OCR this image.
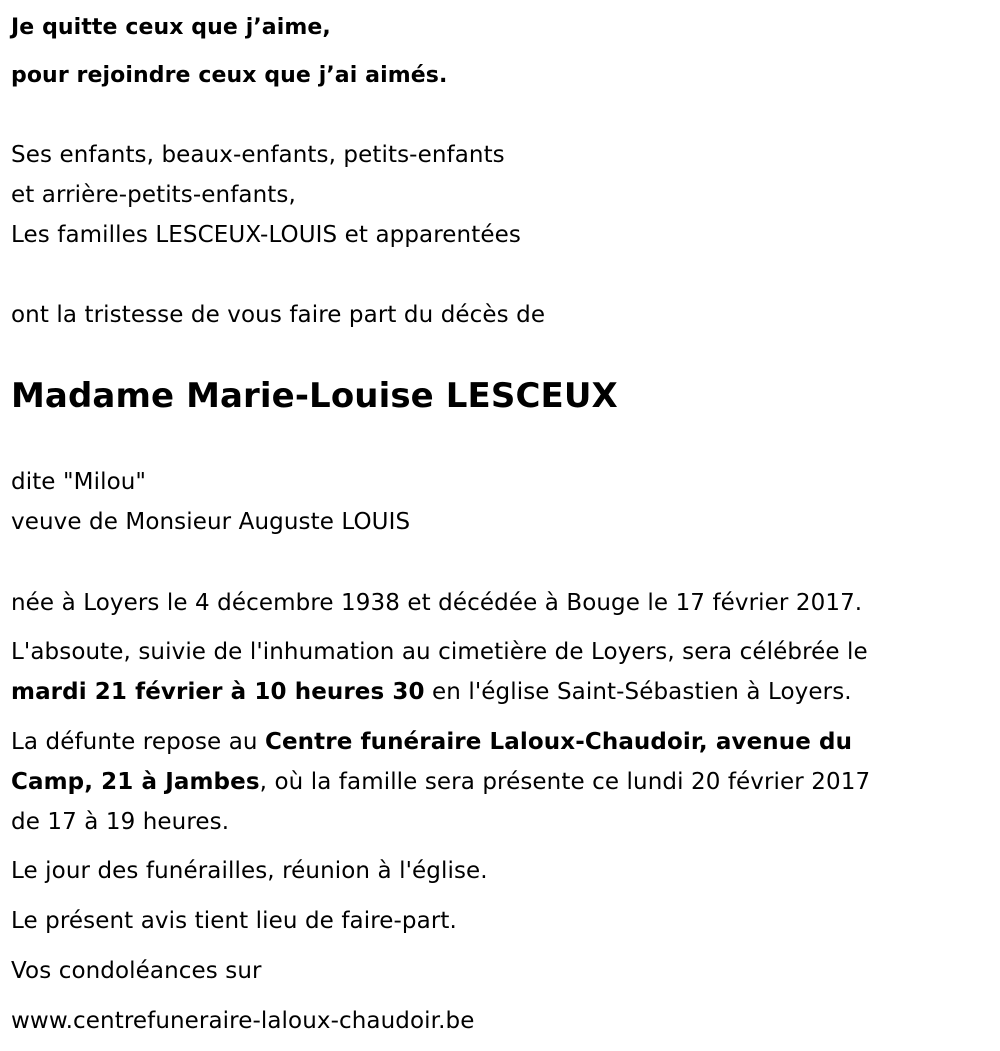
Je quitte ceux que j’aime,
pour rejoindre ceux que j’ai aimés.
Ses enfants, beaux-enfants, petits-enfants
et arrière-petits-enfants,
Les familles LESCEUX-LOUIS et apparentées
ont la tristesse de vous faire part du décès de
Madame Marie-Louise LESCEUX
dite "Milou"
veuve de Monsieur Auguste LOUIS
née à Loyers le 4 décembre 1938 et décédée à Bouge le 17 février 2017.
L'absoute, suivie de l'inhumation au cimetière de Loyers, sera célébrée le
mardi 21 février à 10 heures 30 en l'église Saint-Sébastien à Loyers.
La défunte repose au Centre funéraire Laloux-Chaudoir, avenue du
Camp, 21 à Jambes, où la famille sera présente ce lundi 20 février 2017
de 17 à 19 heures.
Le jour des funérailles, réunion à l'église.
Le présent avis tient lieu de faire-part.
Vos condoléances sur
www.centrefuneraire-laloux-chaudoir.be
